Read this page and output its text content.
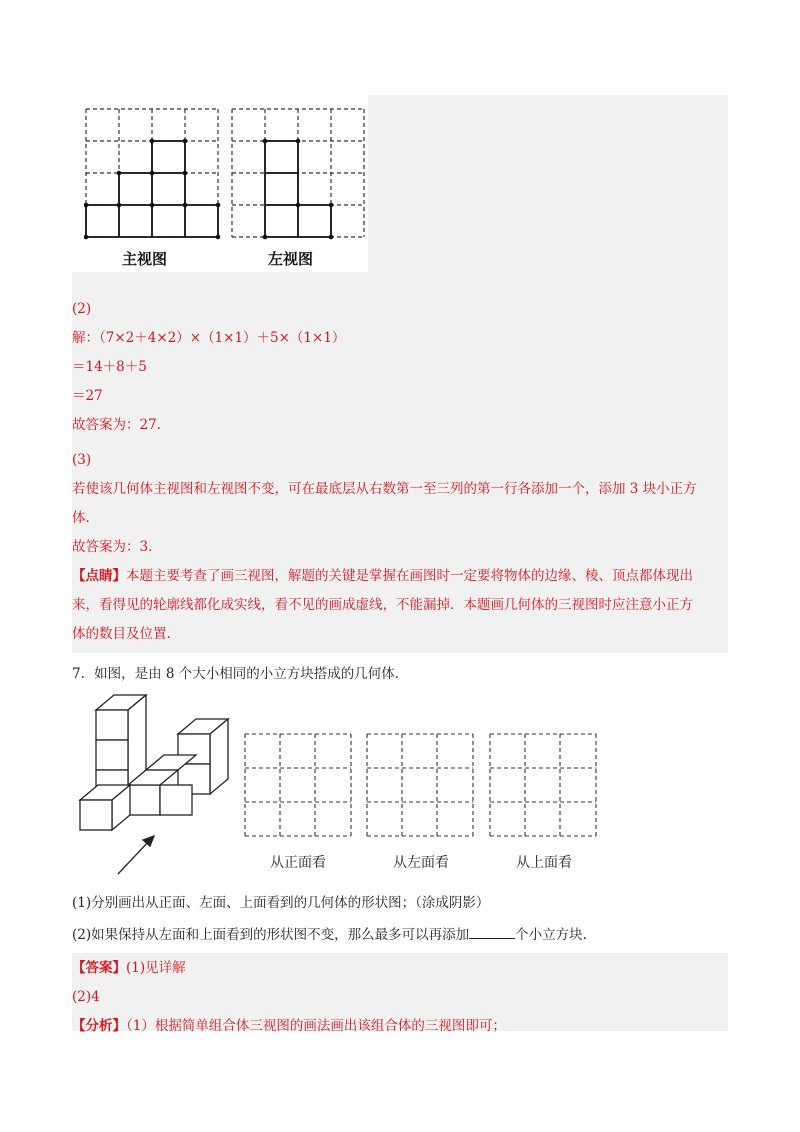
主视图	左视图
(2)
解：（7×2＋4×2）×（1×1）＋5×（1×1）
＝14＋8＋5
＝27
故答案为：27.
(3)
若使该几何体主视图和左视图不变，可在最底层从右数第一至三列的第一行各添加一个，添加 3 块小正方
体.
故答案为：3.
【点睛】本题主要考查了画三视图，解题的关键是掌握在画图时一定要将物体的边缘、棱、顶点都体现出
来，看得见的轮廓线都化成实线，看不见的画成虚线，不能漏掉．本题画几何体的三视图时应注意小正方
体的数目及位置.
7．如图，是由 8 个大小相同的小立方块搭成的几何体.
从正面看	从左面看	从上面看
(1)分别画出从正面、左面、上面看到的几何体的形状图；（涂成阴影）
(2)如果保持从左面和上面看到的形状图不变，那么最多可以再添加	个小立方块.
【答案】(1)见详解
(2)4
【分析】（1）根据简单组合体三视图的画法画出该组合体的三视图即可；
